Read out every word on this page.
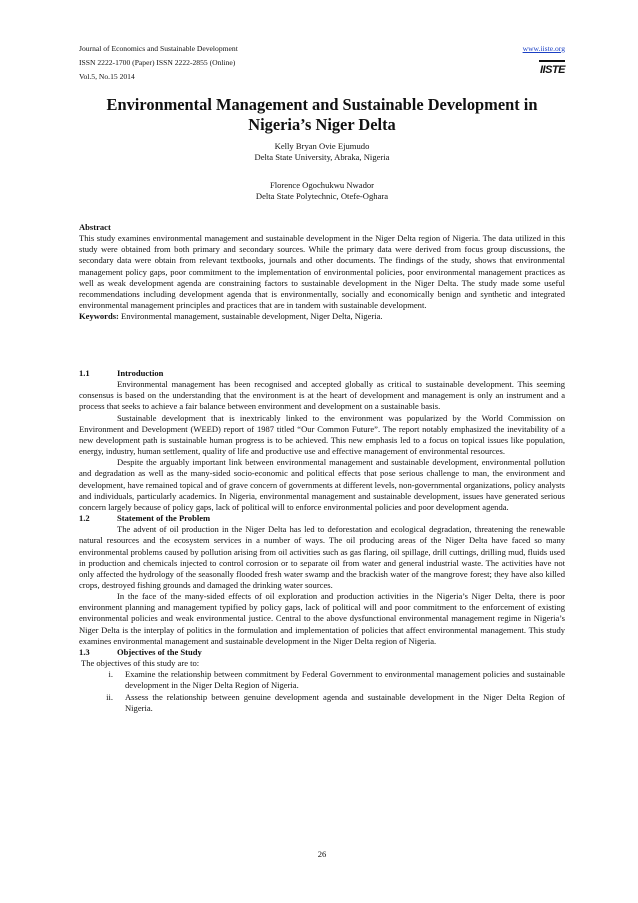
Journal of Economics and Sustainable Development
ISSN 2222-1700 (Paper) ISSN 2222-2855 (Online)
Vol.5, No.15 2014
www.iiste.org
IISTE
Environmental Management and Sustainable Development in
Nigeria’s Niger Delta
Kelly Bryan Ovie Ejumudo
Delta State University, Abraka, Nigeria
Florence Ogochukwu Nwador
Delta State Polytechnic, Otefe-Oghara

Abstract

This study examines environmental management and sustainable development in the Niger Delta region of Nigeria. The data utilized in this study were obtained from both primary and secondary sources. While the primary data were derived from focus group discussions, the secondary data were obtain from relevant textbooks, journals and other documents. The findings of the study, shows that environmental management policy gaps, poor commitment to the implementation of environmental policies, poor environmental management practices as well as weak development agenda are constraining factors to sustainable development in the Niger Delta. The study made some useful recommendations including development agenda that is environmentally, socially and economically benign and synthetic and integrated environmental management principles and practices that are in tandem with sustainable development.

Keywords: Environmental management, sustainable development, Niger Delta, Nigeria.

1.1	Introduction

Environmental management has been recognised and accepted globally as critical to sustainable development. This seeming consensus is based on the understanding that the environment is at the heart of development and management is only an instrument and a process that seeks to achieve a fair balance between environment and development on a sustainable basis.

Sustainable development that is inextricably linked to the environment was popularized by the World Commission on Environment and Development (WEED) report of 1987 titled “Our Common Future”. The report notably emphasized the inevitability of a new development path is sustainable human progress is to be achieved. This new emphasis led to a focus on topical issues like population, energy, industry, human settlement, quality of life and productive use and effective management of environmental resources.

Despite the arguably important link between environmental management and sustainable development, environmental pollution and degradation as well as the many-sided socio-economic and political effects that pose serious challenge to man, the environment and development, have remained topical and of grave concern of governments at different levels, non-governmental organizations, policy analysts and individuals, particularly academics. In Nigeria, environmental management and sustainable development, issues have generated serious concern largely because of policy gaps, lack of political will to enforce environmental policies and poor development agenda.

1.2	Statement of the Problem

The advent of oil production in the Niger Delta has led to deforestation and ecological degradation, threatening the renewable natural resources and the ecosystem services in a number of ways. The oil producing areas of the Niger Delta have faced so many environmental problems caused by pollution arising from oil activities such as gas flaring, oil spillage, drill cuttings, drilling mud, fluids used in production and chemicals injected to control corrosion or to separate oil from water and general industrial waste. The activities have not only affected the hydrology of the seasonally flooded fresh water swamp and the brackish water of the mangrove forest; they have also killed crops, destroyed fishing grounds and damaged the drinking water sources.

In the face of the many-sided effects of oil exploration and production activities in the Nigeria’s Niger Delta, there is poor environment planning and management typified by policy gaps, lack of political will and poor commitment to the enforcement of existing environmental policies and weak environmental justice. Central to the above dysfunctional environmental management regime in Nigeria’s Niger Delta is the interplay of politics in the formulation and implementation of policies that affect environmental management. This study examines environmental management and sustainable development in the Niger Delta region of Nigeria.

1.3	Objectives of the Study

The objectives of this study are to:

i.	Examine the relationship between commitment by Federal Government to environmental management policies and sustainable development in the Niger Delta Region of Nigeria.
ii.	Assess the relationship between genuine development agenda and sustainable development in the Niger Delta Region of Nigeria.
26
